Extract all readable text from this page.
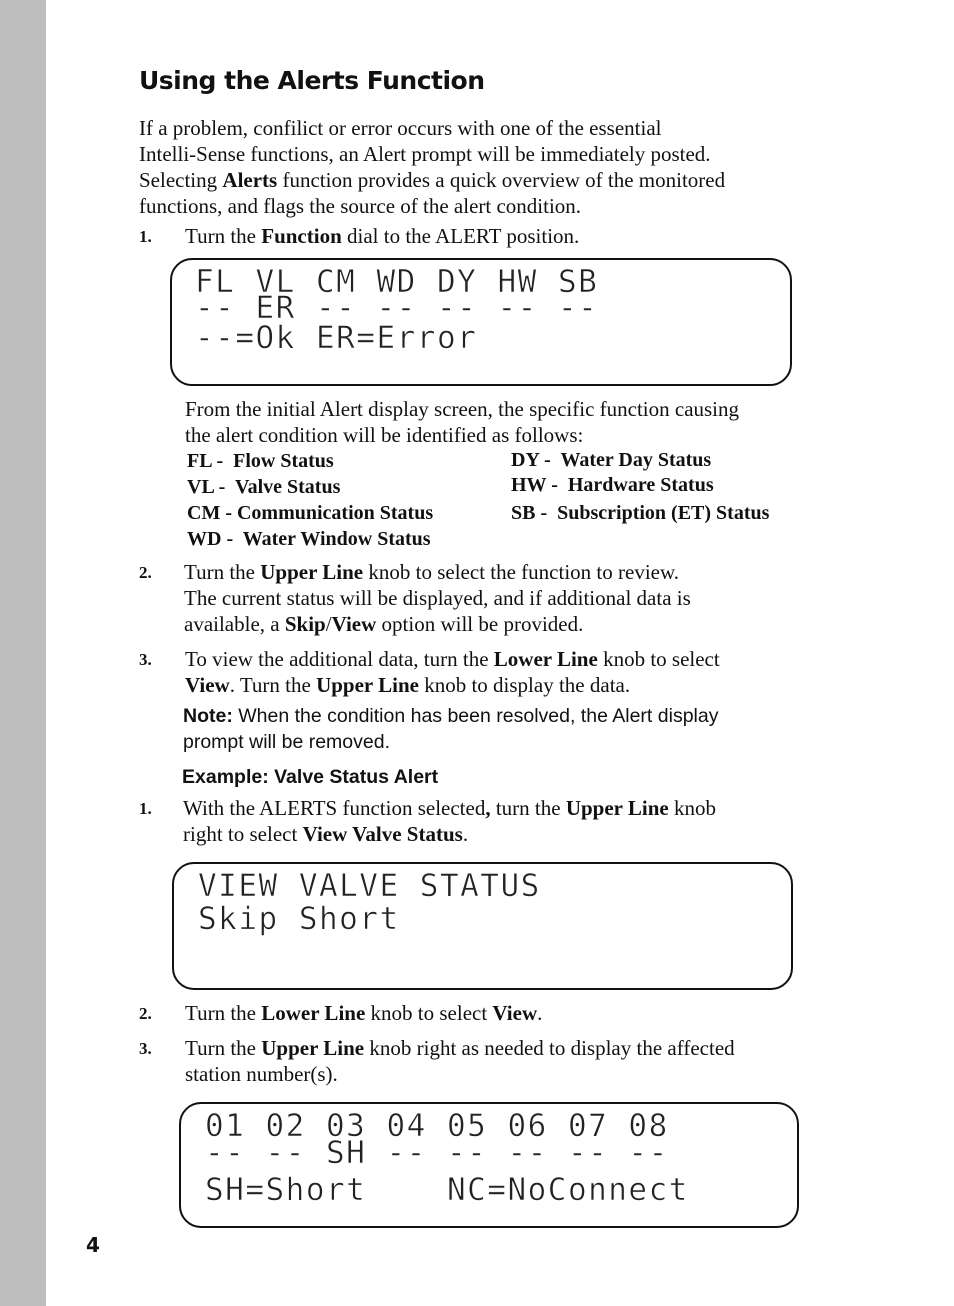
Using the Alerts Function
If a problem, confilict or error occurs with one of the essential
Intelli-Sense functions, an Alert prompt will be immediately posted.
Selecting Alerts function provides a quick overview of the monitored
functions, and flags the source of the alert condition.
1. Turn the Function dial to the ALERT position.
FL VL CM WD DY HW SB
-- ER -- -- -- -- --
--=Ok ER=Error
From the initial Alert display screen, the specific function causing
the alert condition will be identified as follows:
FL -  Flow Status
VL -  Valve Status
CM - Communication Status
WD -  Water Window Status
DY -  Water Day Status
HW -  Hardware Status
SB -  Subscription (ET) Status
2. Turn the Upper Line knob to select the function to review.
The current status will be displayed, and if additional data is
available, a Skip/View option will be provided.
3. To view the additional data, turn the Lower Line knob to select
View. Turn the Upper Line knob to display the data.
Note: When the condition has been resolved, the Alert display
prompt will be removed.
Example: Valve Status Alert
1. With the ALERTS function selected, turn the Upper Line knob
right to select View Valve Status.
VIEW VALVE STATUS
Skip Short
2. Turn the Lower Line knob to select View.
3. Turn the Upper Line knob right as needed to display the affected
station number(s).
01 02 03 04 05 06 07 08
-- -- SH -- -- -- -- --
SH=Short    NC=NoConnect
4
